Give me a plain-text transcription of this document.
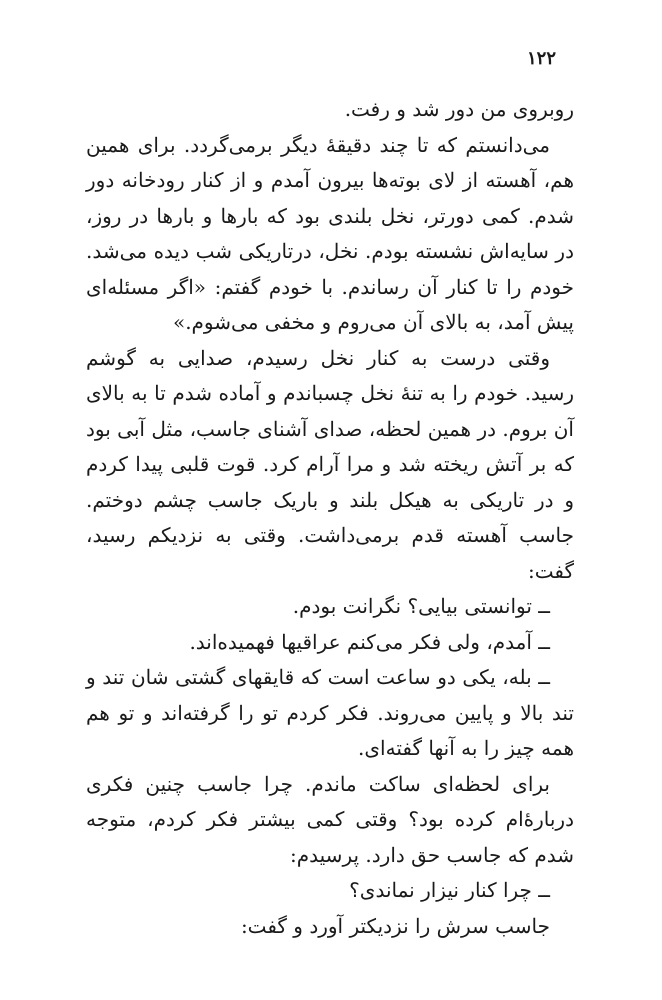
۱۲۲

روبروی من دور شد و رفت.

می‌دانستم که تا چند دقیقهٔ دیگر برمی‌گردد. برای همین هم، آهسته از لای بوته‌ها بیرون آمدم و از کنار رودخانه دور شدم. کمی دورتر، نخل بلندی بود که بارها و بارها در روز، در سایه‌اش نشسته بودم. نخل، درتاریکی شب دیده می‌شد. خودم را تا کنار آن رساندم. با خودم گفتم: «اگر مسئله‌ای پیش آمد، به بالای آن می‌روم و مخفی می‌شوم.»

وقتی درست به کنار نخل رسیدم، صدایی به گوشم رسید. خودم را به تنهٔ نخل چسباندم و آماده شدم تا به بالای آن بروم. در همین لحظه، صدای آشنای جاسب، مثل آبی بود که بر آتش ریخته شد و مرا آرام کرد. قوت قلبی پیدا کردم و در تاریکی به هیکل بلند و باریک جاسب چشم دوختم. جاسب آهسته قدم برمی‌داشت. وقتی به نزدیکم رسید، گفت:

ــ توانستی بیایی؟ نگرانت بودم.

ــ آمدم، ولی فکر می‌کنم عراقیها فهمیده‌اند.

ــ بله، یکی دو ساعت است که قایقهای گشتی شان تند و تند بالا و پایین می‌روند. فکر کردم تو را گرفته‌اند و تو هم همه چیز را به آنها گفته‌ای.

برای لحظه‌ای ساکت ماندم. چرا جاسب چنین فکری دربارهٔ‌ام کرده بود؟ وقتی کمی بیشتر فکر کردم، متوجه شدم که جاسب حق دارد. پرسیدم:

ــ چرا کنار نیزار نماندی؟

جاسب سرش را نزدیکتر آورد و گفت:
